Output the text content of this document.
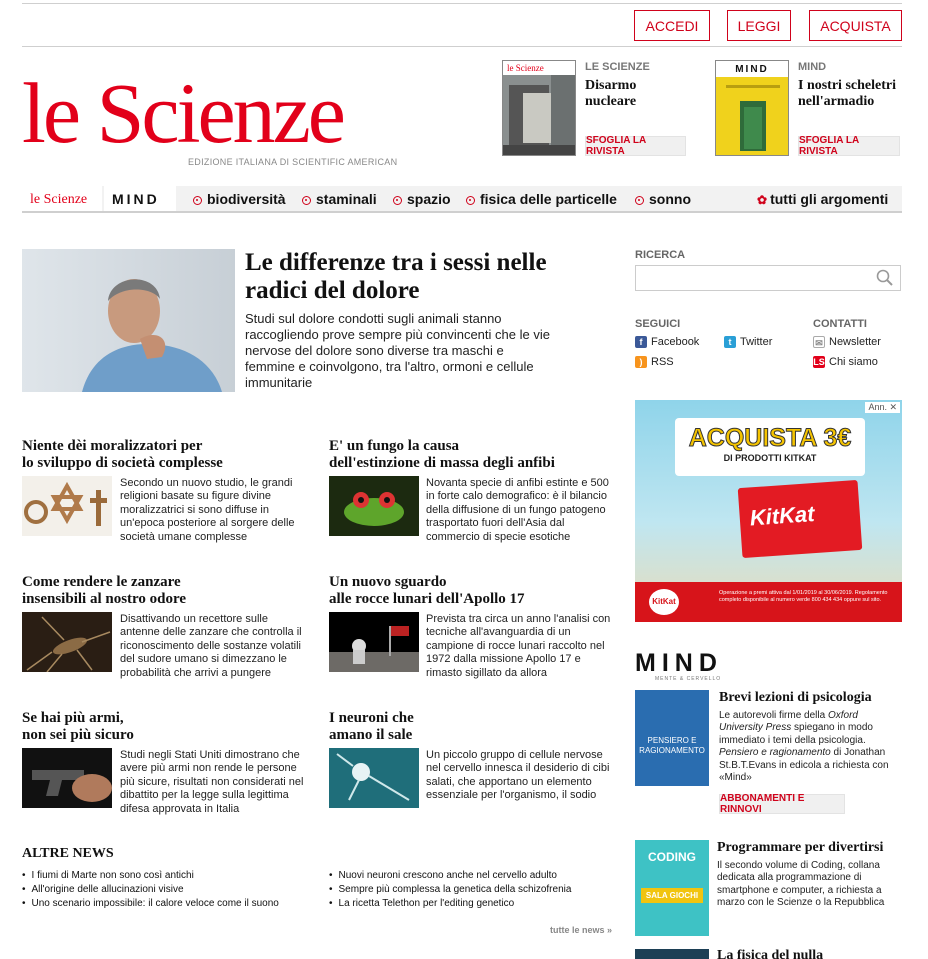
ACCEDI	LEGGI	ACQUISTA
le Scienze
EDIZIONE ITALIANA DI SCIENTIFIC AMERICAN
le Scienze	LE SCIENZE
Disarmo nucleare
SFOGLIA LA RIVISTA
MIND	MIND
I nostri scheletri nell'armadio
SFOGLIA LA RIVISTA
le Scienze	MIND	biodiversità	staminali	spazio	fisica delle particelle	sonno	✿ tutti gli argomenti
Le differenze tra i sessi nelle radici del dolore
Studi sul dolore condotti sugli animali stanno raccogliendo prove sempre più convincenti che le vie nervose del dolore sono diverse tra maschi e femmine e coinvolgono, tra l'altro, ormoni e cellule immunitarie
Niente dèi moralizzatori per
lo sviluppo di società complesse
Secondo un nuovo studio, le grandi religioni basate su figure divine moralizzatrici si sono diffuse in un'epoca posteriore al sorgere delle società umane complesse
E' un fungo la causa
dell'estinzione di massa degli anfibi
Novanta specie di anfibi estinte e 500 in forte calo demografico: è il bilancio della diffusione di un fungo patogeno trasportato fuori dell'Asia dal commercio di specie esotiche
Come rendere le zanzare
insensibili al nostro odore
Disattivando un recettore sulle antenne delle zanzare che controlla il riconoscimento delle sostanze volatili del sudore umano si dimezzano le probabilità che arrivi a pungere
Un nuovo sguardo
alle rocce lunari dell'Apollo 17
Prevista tra circa un anno l'analisi con tecniche all'avanguardia di un campione di rocce lunari raccolto nel 1972 dalla missione Apollo 17 e rimasto sigillato da allora
Se hai più armi,
non sei più sicuro
Studi negli Stati Uniti dimostrano che avere più armi non rende le persone più sicure, risultati non considerati nel dibattito per la legge sulla legittima difesa approvata in Italia
I neuroni che
amano il sale
Un piccolo gruppo di cellule nervose nel cervello innesca il desiderio di cibi salati, che apportano un elemento essenziale per l'organismo, il sodio
ALTRE NEWS
• I fiumi di Marte non sono così antichi
• All'origine delle allucinazioni visive
• Uno scenario impossibile: il calore veloce come il suono
• Nuovi neuroni crescono anche nel cervello adulto
• Sempre più complessa la genetica della schizofrenia
• La ricetta Telethon per l'editing genetico
tutte le news »
RICERCA
SEGUICI
f Facebook	t Twitter
) RSS
CONTATTI
✉ Newsletter
LS Chi siamo
Ann. ✕
ACQUISTA 3€
DI PRODOTTI KITKAT
KitKat
KitKat
Operazione a premi attiva dal 1/01/2019 al 30/06/2019. Regolamento completo disponibile al numero verde 800 434 434 oppure sul sito.
MIND
MENTE & CERVELLO
PENSIERO E RAGIONAMENTO
Brevi lezioni di psicologia
Le autorevoli firme della Oxford University Press spiegano in modo immediato i temi della psicologia. Pensiero e ragionamento di Jonathan St.B.T.Evans in edicola a richiesta con «Mind»
ABBONAMENTI E RINNOVI
CODING
SALA GIOCHI
Programmare per divertirsi
Il secondo volume di Coding, collana dedicata alla programmazione di smartphone e computer, a richiesta a marzo con le Scienze o la Repubblica
La fisica del nulla
